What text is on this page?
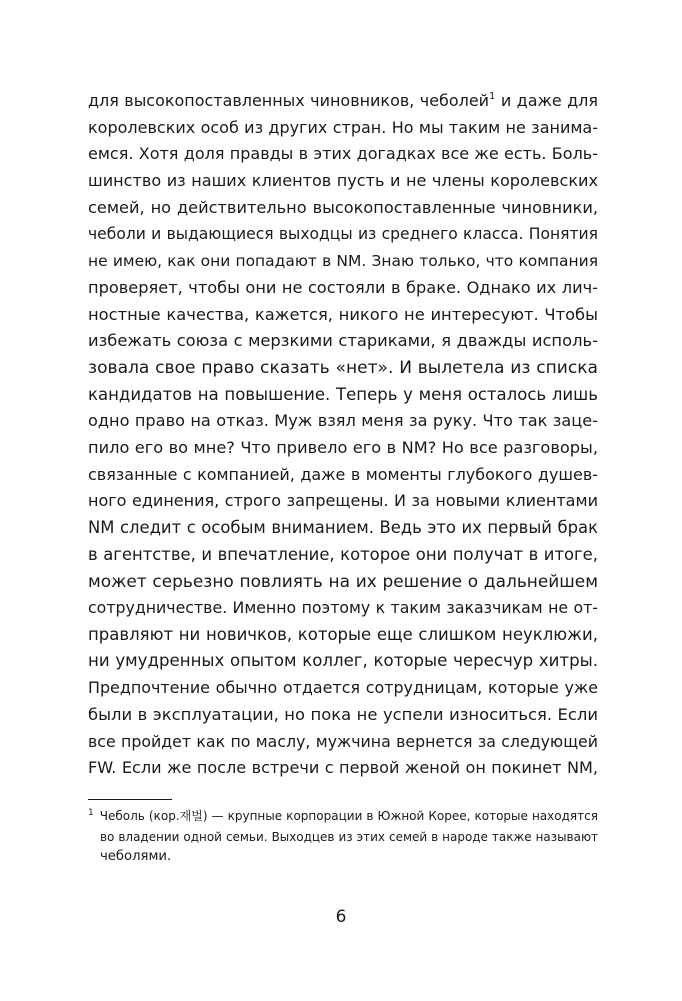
для высокопоставленных чиновников, чеболей$^1$ и даже для
королевских особ из других стран. Но мы таким не занима-
емся. Хотя доля правды в этих догадках все же есть. Боль-
шинство из наших клиентов пусть и не члены королевских
семей, но действительно высокопоставленные чиновники,
чеболи и выдающиеся выходцы из среднего класса. Понятия
не имею, как они попадают в NM. Знаю только, что компания
проверяет, чтобы они не состояли в браке. Однако их лич-
ностные качества, кажется, никого не интересуют. Чтобы
избежать союза с мерзкими стариками, я дважды исполь-
зовала свое право сказать «нет». И вылетела из списка
кандидатов на повышение. Теперь у меня осталось лишь
одно право на отказ. Муж взял меня за руку. Что так заце-
пило его во мне? Что привело его в NM? Но все разговоры,
связанные с компанией, даже в моменты глубокого душев-
ного единения, строго запрещены. И за новыми клиентами
NM следит с особым вниманием. Ведь это их первый брак
в агентстве, и впечатление, которое они получат в итоге,
может серьезно повлиять на их решение о дальнейшем
сотрудничестве. Именно поэтому к таким заказчикам не от-
правляют ни новичков, которые еще слишком неуклюжи,
ни умудренных опытом коллег, которые чересчур хитры.
Предпочтение обычно отдается сотрудницам, которые уже
были в эксплуатации, но пока не успели износиться. Если
все пройдет как по маслу, мужчина вернется за следующей
FW. Если же после встречи с первой женой он покинет NM,
$^1$ Чеболь (кор.재벌) — крупные корпорации в Южной Корее, которые находятся
во владении одной семьи. Выходцев из этих семей в народе также называют
чеболями.
6
